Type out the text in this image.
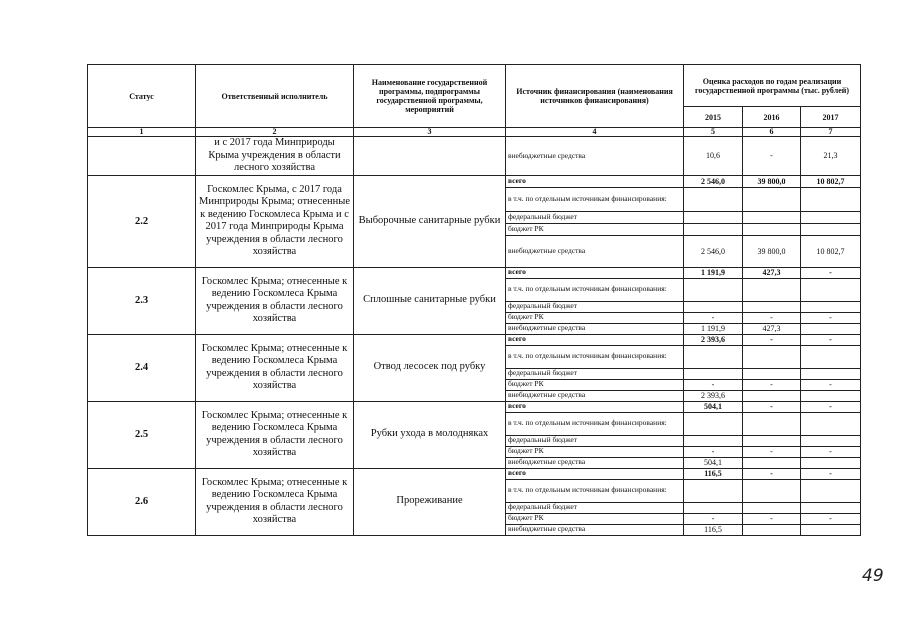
Статус	Ответственный исполнитель	Наименование государственной программы, подпрограммы государственной программы, мероприятий	Источник финансирования (наименования источников финансирования)	Оценка расходов по годам реализации государственной программы (тыс. рублей)		
				2015	2016	2017
1	2	3	4	5	6	7
	и с 2017 года Минприроды Крыма учреждения в области лесного хозяйства		внебюджетные средства	10,6	-	21,3
2.2	Госкомлес Крыма, с 2017 года Минприроды Крыма; отнесенные к ведению Госкомлеса Крыма и с 2017 года Минприроды Крыма учреждения в области лесного хозяйства	Выборочные санитарные рубки	всего	2 546,0	39 800,0	10 802,7
			в т.ч. по отдельным источникам финансирования:			
			федеральный бюджет			
			бюджет РК			
			внебюджетные средства	2 546,0	39 800,0	10 802,7
2.3	Госкомлес Крыма; отнесенные к ведению Госкомлеса Крыма учреждения в области лесного хозяйства	Сплошные санитарные рубки	всего	1 191,9	427,3	-
			в т.ч. по отдельным источникам финансирования:			
			федеральный бюджет			
			бюджет РК	-	-	-
			внебюджетные средства	1 191,9	427,3	
2.4	Госкомлес Крыма; отнесенные к ведению Госкомлеса Крыма учреждения в области лесного хозяйства	Отвод лесосек под рубку	всего	2 393,6	-	-
			в т.ч. по отдельным источникам финансирования:			
			федеральный бюджет			
			бюджет РК	-	-	-
			внебюджетные средства	2 393,6		
2.5	Госкомлес Крыма; отнесенные к ведению Госкомлеса Крыма учреждения в области лесного хозяйства	Рубки ухода в молодняках	всего	504,1	-	-
			в т.ч. по отдельным источникам финансирования:			
			федеральный бюджет			
			бюджет РК	-	-	-
			внебюджетные средства	504,1		
2.6	Госкомлес Крыма; отнесенные к ведению Госкомлеса Крыма учреждения в области лесного хозяйства	Прореживание	всего	116,5	-	-
			в т.ч. по отдельным источникам финансирования:			
			федеральный бюджет			
			бюджет РК	-	-	-
			внебюджетные средства	116,5		
49
